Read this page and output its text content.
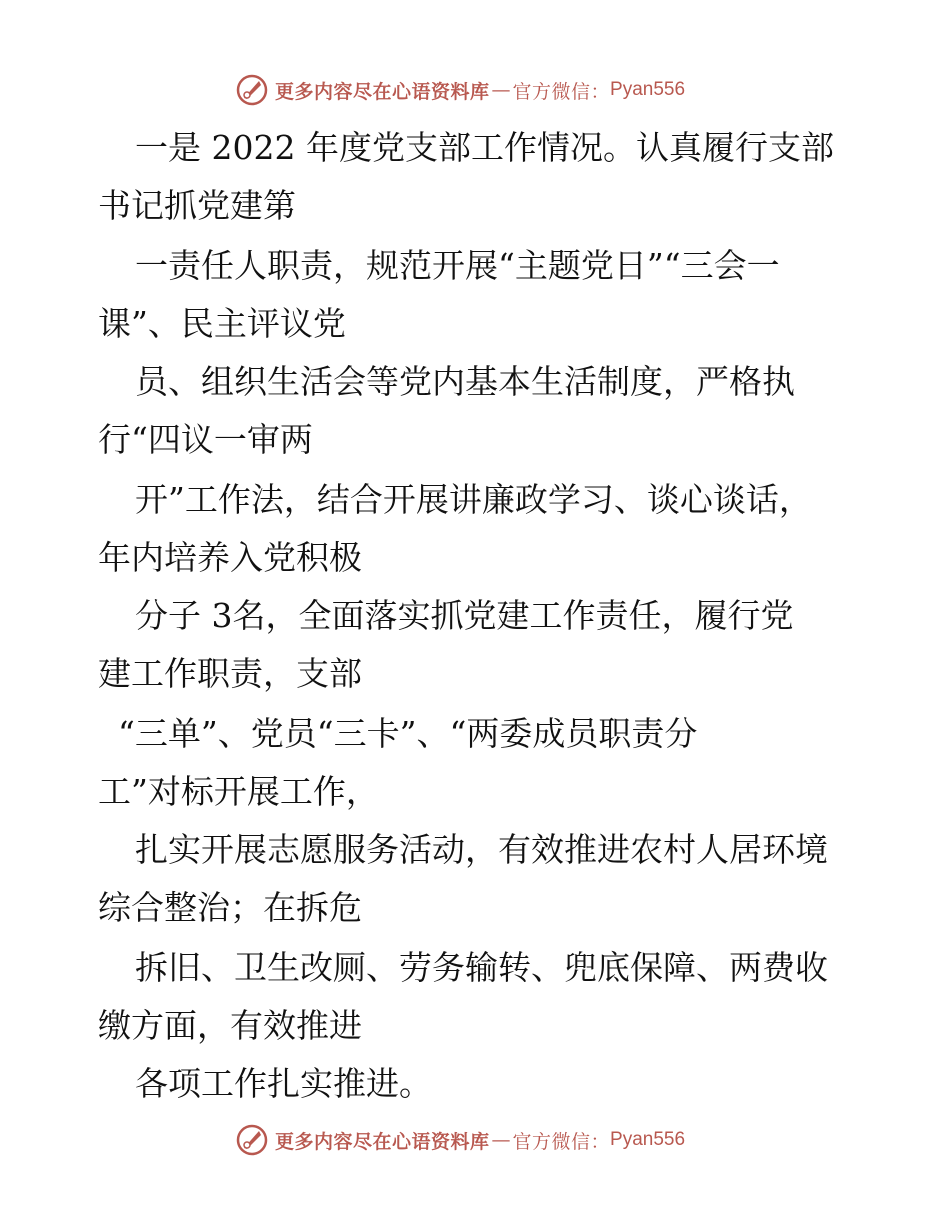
更多内容尽在心语资料库 — 官方微信： Pyan556
一是 2022 年度党支部工作情况。认真履行支部
书记抓党建第
一责任人职责，规范开展“主题党日”“三会一
课”、民主评议党
员、组织生活会等党内基本生活制度，严格执
行“四议一审两
开”工作法，结合开展讲廉政学习、谈心谈话，
年内培养入党积极
分子 3名，全面落实抓党建工作责任，履行党
建工作职责，支部
“三单”、党员“三卡”、“两委成员职责分
工”对标开展工作，
扎实开展志愿服务活动，有效推进农村人居环境
综合整治；在拆危
拆旧、卫生改厕、劳务输转、兜底保障、两费收
缴方面，有效推进
各项工作扎实推进。
更多内容尽在心语资料库 — 官方微信： Pyan556
